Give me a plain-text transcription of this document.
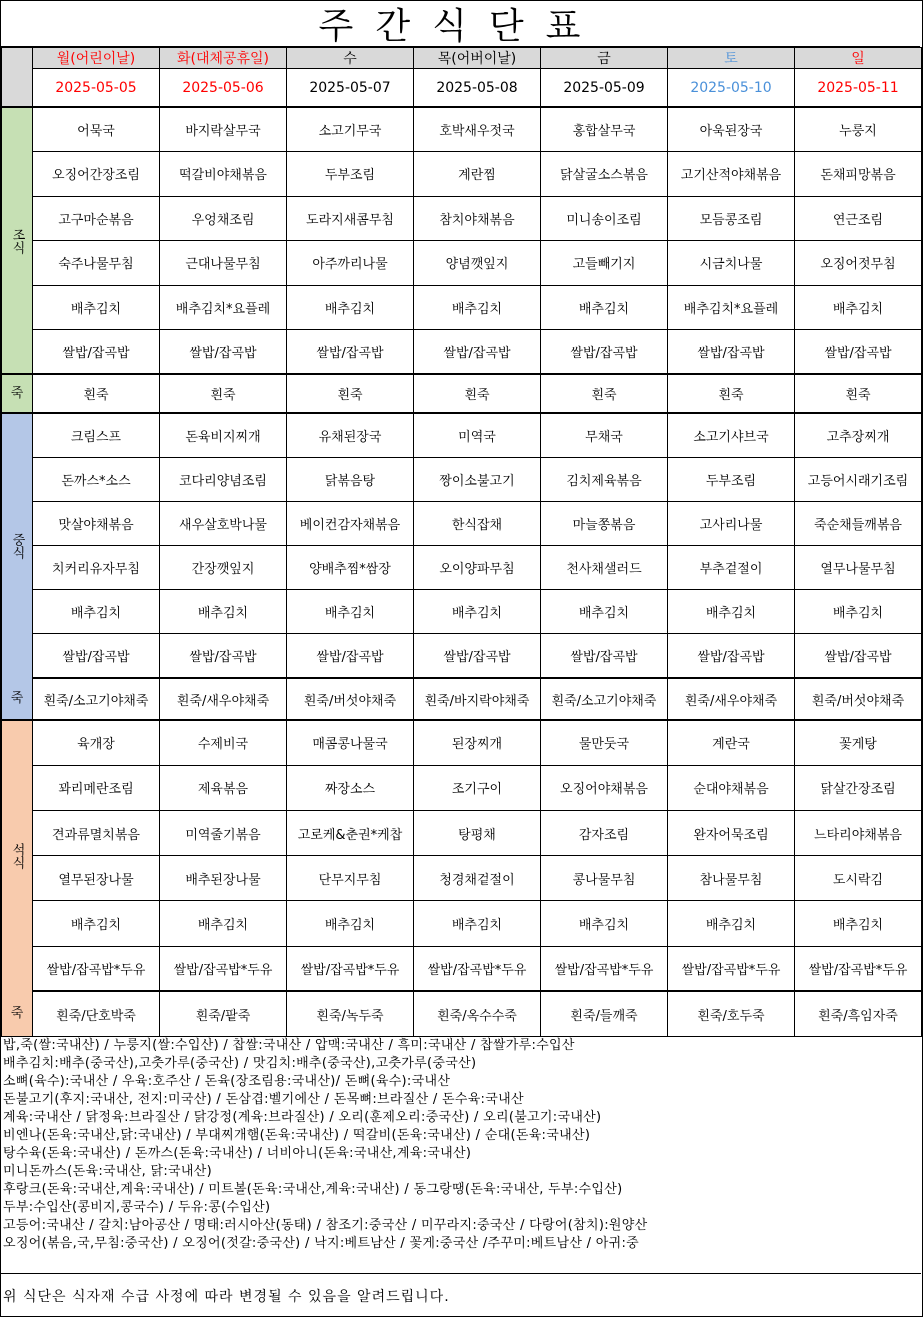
주간식단표
	월(어린이날)	화(대체공휴일)	수	목(어버이날)	금	토	일
	2025-05-05	2025-05-06	2025-05-07	2025-05-08	2025-05-09	2025-05-10	2025-05-11
조식	어묵국	바지락살무국	소고기무국	호박새우젓국	홍합살무국	아욱된장국	누룽지
	오징어간장조림	떡갈비야채볶음	두부조림	계란찜	닭살굴소스볶음	고기산적야채볶음	돈채피망볶음
	고구마순볶음	우엉채조림	도라지새콤무침	참치야채볶음	미니송이조림	모듬콩조림	연근조림
	숙주나물무침	근대나물무침	아주까리나물	양념깻잎지	고들빼기지	시금치나물	오징어젓무침
	배추김치	배추김치*요플레	배추김치	배추김치	배추김치	배추김치*요플레	배추김치
	쌀밥/잡곡밥	쌀밥/잡곡밥	쌀밥/잡곡밥	쌀밥/잡곡밥	쌀밥/잡곡밥	쌀밥/잡곡밥	쌀밥/잡곡밥
죽	흰죽	흰죽	흰죽	흰죽	흰죽	흰죽	흰죽
중식	크림스프	돈육비지찌개	유채된장국	미역국	무채국	소고기샤브국	고추장찌개
	돈까스*소스	코다리양념조림	닭볶음탕	짱이소불고기	김치제육볶음	두부조림	고등어시래기조림
	맛살야채볶음	새우살호박나물	베이컨감자채볶음	한식잡채	마늘쫑볶음	고사리나물	죽순채들깨볶음
	치커리유자무침	간장깻잎지	양배추찜*쌈장	오이양파무침	천사채샐러드	부추겉절이	열무나물무침
	배추김치	배추김치	배추김치	배추김치	배추김치	배추김치	배추김치
	쌀밥/잡곡밥	쌀밥/잡곡밥	쌀밥/잡곡밥	쌀밥/잡곡밥	쌀밥/잡곡밥	쌀밥/잡곡밥	쌀밥/잡곡밥
죽	흰죽/소고기야채죽	흰죽/새우야채죽	흰죽/버섯야채죽	흰죽/바지락야채죽	흰죽/소고기야채죽	흰죽/새우야채죽	흰죽/버섯야채죽
석식	육개장	수제비국	매콤콩나물국	된장찌개	물만둣국	계란국	꽃게탕
	꽈리메란조림	제육볶음	짜장소스	조기구이	오징어야채볶음	순대야채볶음	닭살간장조림
	견과류멸치볶음	미역줄기볶음	고로케&춘권*케찹	탕평채	감자조림	완자어묵조림	느타리야채볶음
	열무된장나물	배추된장나물	단무지무침	청경채겉절이	콩나물무침	참나물무침	도시락김
	배추김치	배추김치	배추김치	배추김치	배추김치	배추김치	배추김치
	쌀밥/잡곡밥*두유	쌀밥/잡곡밥*두유	쌀밥/잡곡밥*두유	쌀밥/잡곡밥*두유	쌀밥/잡곡밥*두유	쌀밥/잡곡밥*두유	쌀밥/잡곡밥*두유
죽	흰죽/단호박죽	흰죽/팥죽	흰죽/녹두죽	흰죽/옥수수죽	흰죽/들깨죽	흰죽/호두죽	흰죽/흑임자죽
밥,죽(쌀:국내산) / 누룽지(쌀:수입산) / 찹쌀:국내산 / 압맥:국내산 / 흑미:국내산 / 찹쌀가루:수입산
배추김치:배추(중국산),고춧가루(중국산) / 맛김치:배추(중국산),고춧가루(중국산)
소뼈(육수):국내산 / 우육:호주산 / 돈육(장조림용:국내산)/ 돈뼈(육수):국내산
돈불고기(후지:국내산, 전지:미국산) / 돈삼겹:벨기에산 / 돈목뼈:브라질산 / 돈수육:국내산
계육:국내산 / 닭정육:브라질산 / 닭강정(계육:브라질산) / 오리(훈제오리:중국산) / 오리(불고기:국내산)
비엔나(돈육:국내산,닭:국내산) / 부대찌개햄(돈육:국내산) / 떡갈비(돈육:국내산) / 순대(돈육:국내산)
탕수육(돈육:국내산) / 돈까스(돈육:국내산) / 너비아니(돈육:국내산,계육:국내산)
미니돈까스(돈육:국내산, 닭:국내산)
후랑크(돈육:국내산,계육:국내산) / 미트볼(돈육:국내산,계육:국내산) / 동그랑땡(돈육:국내산, 두부:수입산)
두부:수입산(콩비지,콩국수) / 두유:콩(수입산)
고등어:국내산 / 갈치:남아공산 / 명태:러시아산(동태) / 참조기:중국산 / 미꾸라지:중국산 / 다랑어(참치):원양산
오징어(볶음,국,무침:중국산) / 오징어(젓갈:중국산) / 낙지:베트남산 / 꽃게:중국산 /주꾸미:베트남산 / 아귀:중
위 식단은 식자재 수급 사정에 따라 변경될 수 있음을 알려드립니다.
